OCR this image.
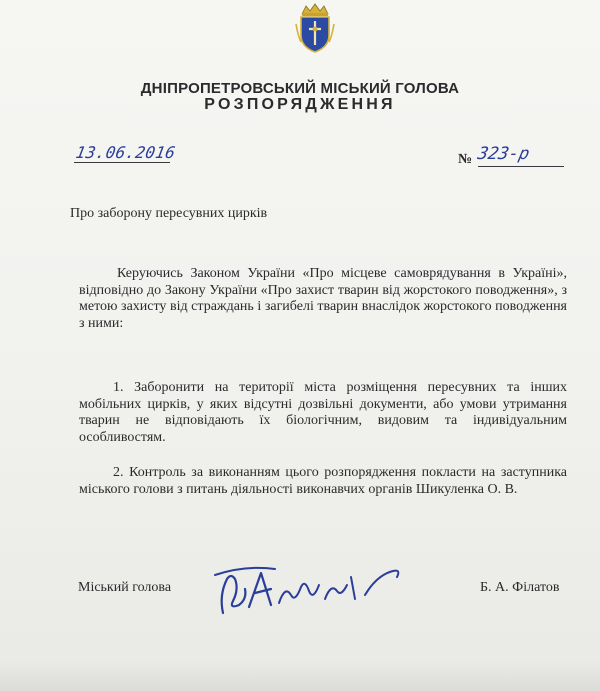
ДНІПРОПЕТРОВСЬКИЙ МІСЬКИЙ ГОЛОВА
РОЗПОРЯДЖЕННЯ
13.06.2016	№ 323-р
Про заборону пересувних цирків
Керуючись Законом України «Про місцеве самоврядування в Україні», відповідно до Закону України «Про захист тварин від жорстокого поводження», з метою захисту від страждань і загибелі тварин внаслідок жорстокого поводження з ними:
1. Заборонити на території міста розміщення пересувних та інших мобільних цирків, у яких відсутні дозвільні документи, або умови утримання тварин не відповідають їх біологічним, видовим та індивідуальним особливостям.
2. Контроль за виконанням цього розпорядження покласти на заступника міського голови з питань діяльності виконавчих органів Шикуленка О. В.
Міський голова	Б. А. Філатов
